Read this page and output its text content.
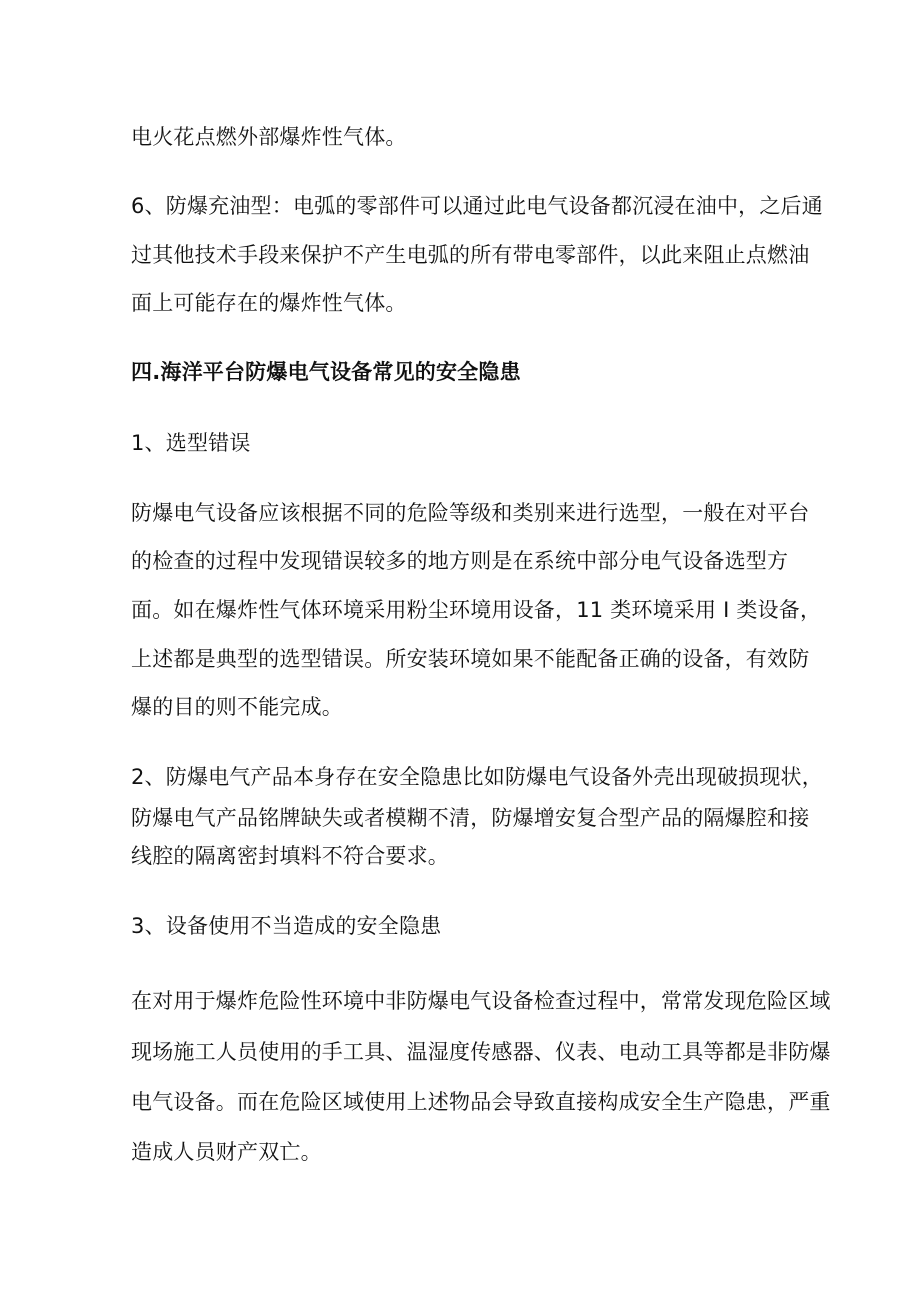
电火花点燃外部爆炸性气体。
6、防爆充油型：电弧的零部件可以通过此电气设备都沉浸在油中，之后通
过其他技术手段来保护不产生电弧的所有带电零部件，以此来阻止点燃油
面上可能存在的爆炸性气体。
四.海洋平台防爆电气设备常见的安全隐患
1、选型错误
防爆电气设备应该根据不同的危险等级和类别来进行选型，一般在对平台
的检查的过程中发现错误较多的地方则是在系统中部分电气设备选型方
面。如在爆炸性气体环境采用粉尘环境用设备，11 类环境采用 I 类设备，
上述都是典型的选型错误。所安装环境如果不能配备正确的设备，有效防
爆的目的则不能完成。
2、防爆电气产品本身存在安全隐患比如防爆电气设备外壳出现破损现状，
防爆电气产品铭牌缺失或者模糊不清，防爆增安复合型产品的隔爆腔和接
线腔的隔离密封填料不符合要求。
3、设备使用不当造成的安全隐患
在对用于爆炸危险性环境中非防爆电气设备检查过程中，常常发现危险区域
现场施工人员使用的手工具、温湿度传感器、仪表、电动工具等都是非防爆
电气设备。而在危险区域使用上述物品会导致直接构成安全生产隐患，严重
造成人员财产双亡。
